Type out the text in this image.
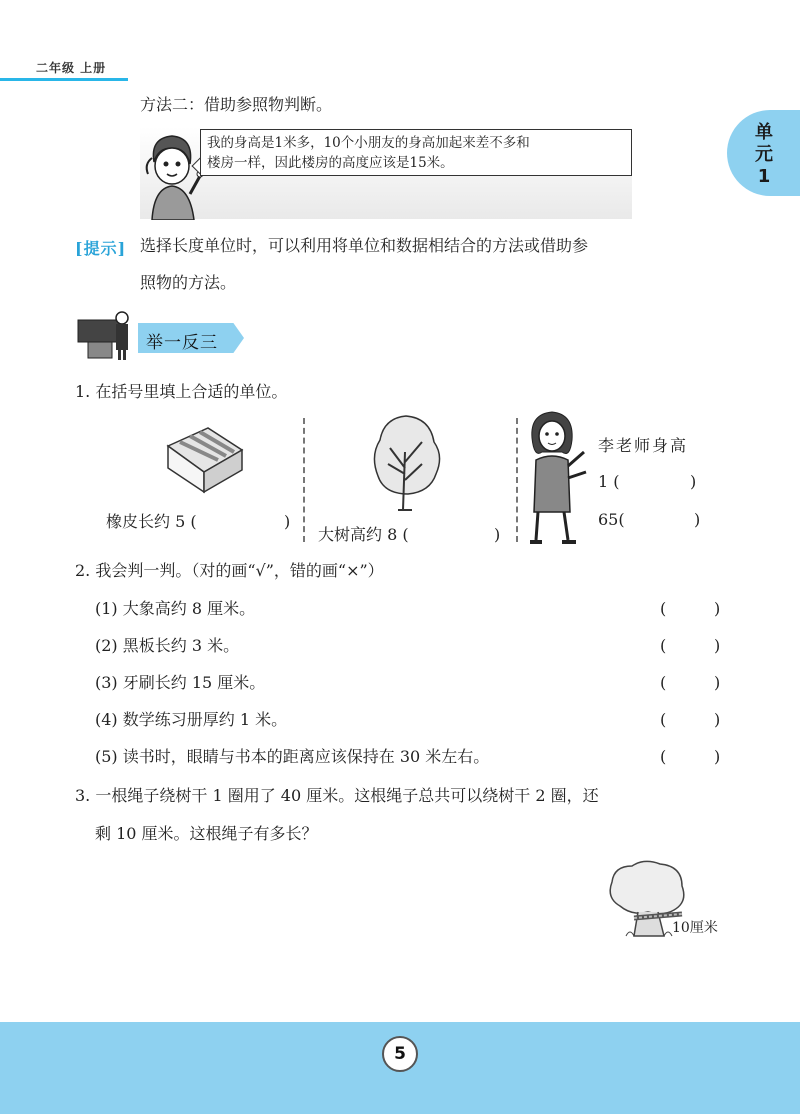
二年级 上册
单
元
1
方法二：借助参照物判断。
我的身高是1米多，10个小朋友的身高加起来差不多和
楼房一样，因此楼房的高度应该是15米。
[提示] 选择长度单位时，可以利用将单位和数据相结合的方法或借助参
照物的方法。
举一反三
1. 在括号里填上合适的单位。
橡皮长约 5 (	)
大树高约 8 (	)
李老师身高
1 (	)
65(	)
2. 我会判一判。（对的画“√”，错的画“×”）
(1) 大象高约 8 厘米。	(	)
(2) 黑板长约 3 米。	(	)
(3) 牙刷长约 15 厘米。	(	)
(4) 数学练习册厚约 1 米。	(	)
(5) 读书时，眼睛与书本的距离应该保持在 30 米左右。	(	)
3. 一根绳子绕树干 1 圈用了 40 厘米。这根绳子总共可以绕树干 2 圈，还
剩 10 厘米。这根绳子有多长？
10厘米
5
